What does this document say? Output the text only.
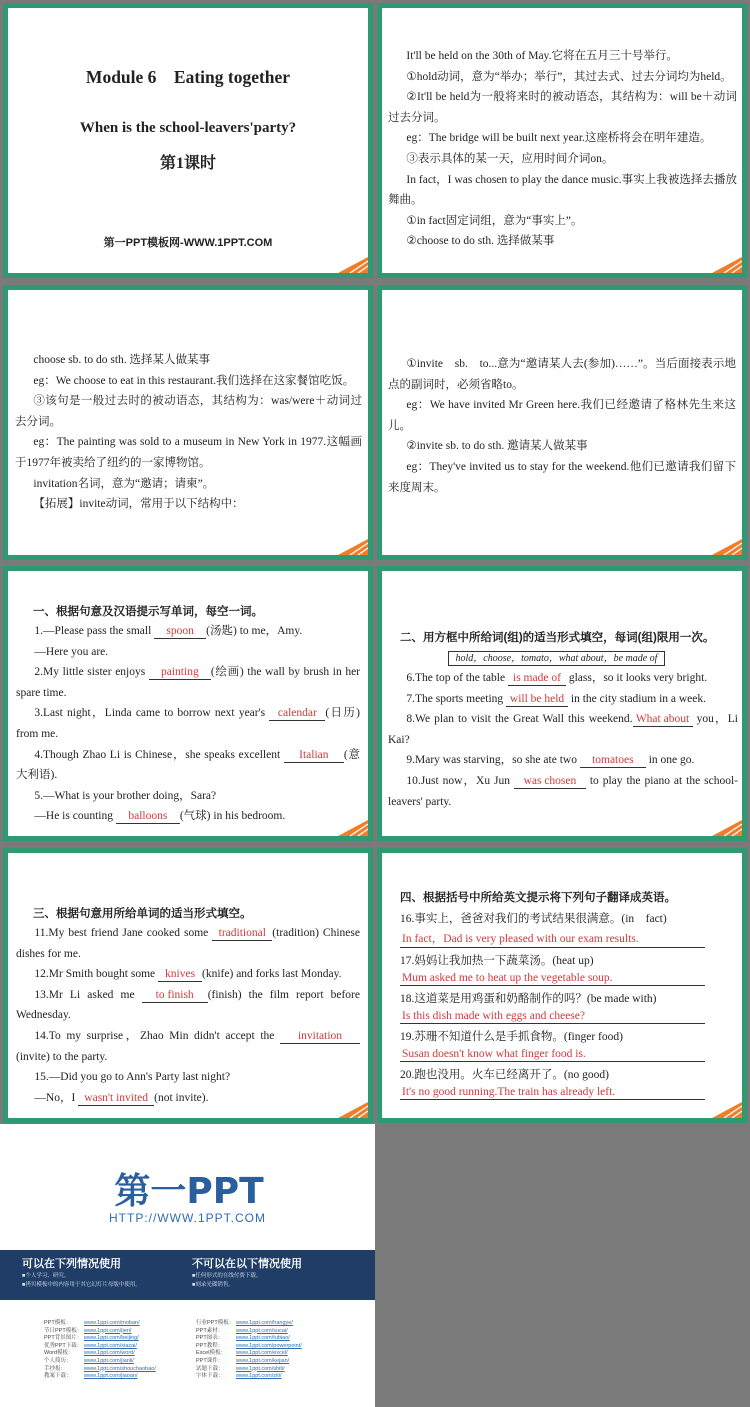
Module 6　Eating together
When is the school-leavers'party?
第1课时
第一PPT模板网-WWW.1PPT.COM

It'll be held on the 30th of May.它将在五月三十号举行。

①hold动词，意为“举办；举行”，其过去式、过去分词均为held。

②It'll be held为一般将来时的被动语态，其结构为：will be＋动词过去分词。

eg：The bridge will be built next year.这座桥将会在明年建造。

③表示具体的某一天，应用时间介词on。

In fact，I was chosen to play the dance music.事实上我被选择去播放舞曲。

①in fact固定词组，意为“事实上”。

②choose to do sth. 选择做某事

choose sb. to do sth. 选择某人做某事

eg：We choose to eat in this restaurant.我们选择在这家餐馆吃饭。

③该句是一般过去时的被动语态，其结构为：was/were＋动词过去分词。

eg：The painting was sold to a museum in New York in 1977.这幅画于1977年被卖给了纽约的一家博物馆。

invitation名词，意为“邀请；请柬”。

【拓展】invite动词，常用于以下结构中：

①invite　sb.　to...意为“邀请某人去(参加)……”。当后面接表示地点的副词时，必须省略to。

eg：We have invited Mr Green here.我们已经邀请了格林先生来这儿。

②invite sb. to do sth. 邀请某人做某事

eg：They've invited us to stay for the weekend.他们已邀请我们留下来度周末。

一、根据句意及汉语提示写单词，每空一词。

1.—Please pass the small spoon (汤匙) to me，Amy.

—Here you are.

2.My little sister enjoys painting (绘画) the wall by brush in her spare time.

3.Last night，Linda came to borrow next year's calendar (日历) from me.

4.Though Zhao Li is Chinese，she speaks excellent Italian (意大利语).

5.—What is your brother doing，Sara?

—He is counting balloons (气球) in his bedroom.

二、用方框中所给词(组)的适当形式填空，每词(组)限用一次。

hold，choose，tomato，what about，be made of

6.The top of the table is made of glass，so it looks very bright.

7.The sports meeting will be held in the city stadium in a week.

8.We plan to visit the Great Wall this weekend. What about you，Li Kai?

9.Mary was starving，so she ate two tomatoes in one go.

10.Just now，Xu Jun was chosen to play the piano at the school-leavers' party.

三、根据句意用所给单词的适当形式填空。

11.My best friend Jane cooked some traditional (tradition) Chinese dishes for me.

12.Mr Smith bought some knives (knife) and forks last Monday.

13.Mr Li asked me to finish (finish) the film report before Wednesday.

14.To my surprise，Zhao Min didn't accept the invitation(invite) to the party.

15.—Did you go to Ann's Party last night?

—No，I wasn't invited (not invite).

四、根据括号中所给英文提示将下列句子翻译成英语。

16.事实上，爸爸对我们的考试结果很满意。(in　fact)

In fact，Dad is very pleased with our exam results.

17.妈妈让我加热一下蔬菜汤。(heat up)

Mum asked me to heat up the vegetable soup.

18.这道菜是用鸡蛋和奶酪制作的吗？(be made with)

Is this dish made with eggs and cheese?

19.苏珊不知道什么是手抓食物。(finger food)

Susan doesn't know what finger food is.

20.跑也没用。火车已经离开了。(no good)

It's no good running.The train has already left.
第一PPT
HTTP://WWW.1PPT.COM
可以在下列情况使用
■个人学习、研究。
■拷贝模板中的内容用于其它幻灯片母版中使用。
不可以在以下情况使用
■任何形式的在线付费下载。
■刻录光碟销售。
PPT模板： www.1ppt.com/moban/
节日PPT模板： www.1ppt.com/jieri/
PPT背景图片： www.1ppt.com/beijing/
优秀PPT下载： www.1ppt.com/xiazai/
Word模板： www.1ppt.com/word/
个人简历： www.1ppt.com/jianli/
手抄报：	www.1ppt.com/shouchaobao/
教案下载： www.1ppt.com/jiaoan/
行业PPT模板： www.1ppt.com/hangye/
PPT素材： www.1ppt.com/sucai/
PPT图表： www.1ppt.com/tubiao/
PPT教程： www.1ppt.com/powerpoint/
Excel模板： www.1ppt.com/excel/
PPT课件： www.1ppt.com/kejian/
试题下载： www.1ppt.com/shiti/
字体下载： www.1ppt.com/ziti/
